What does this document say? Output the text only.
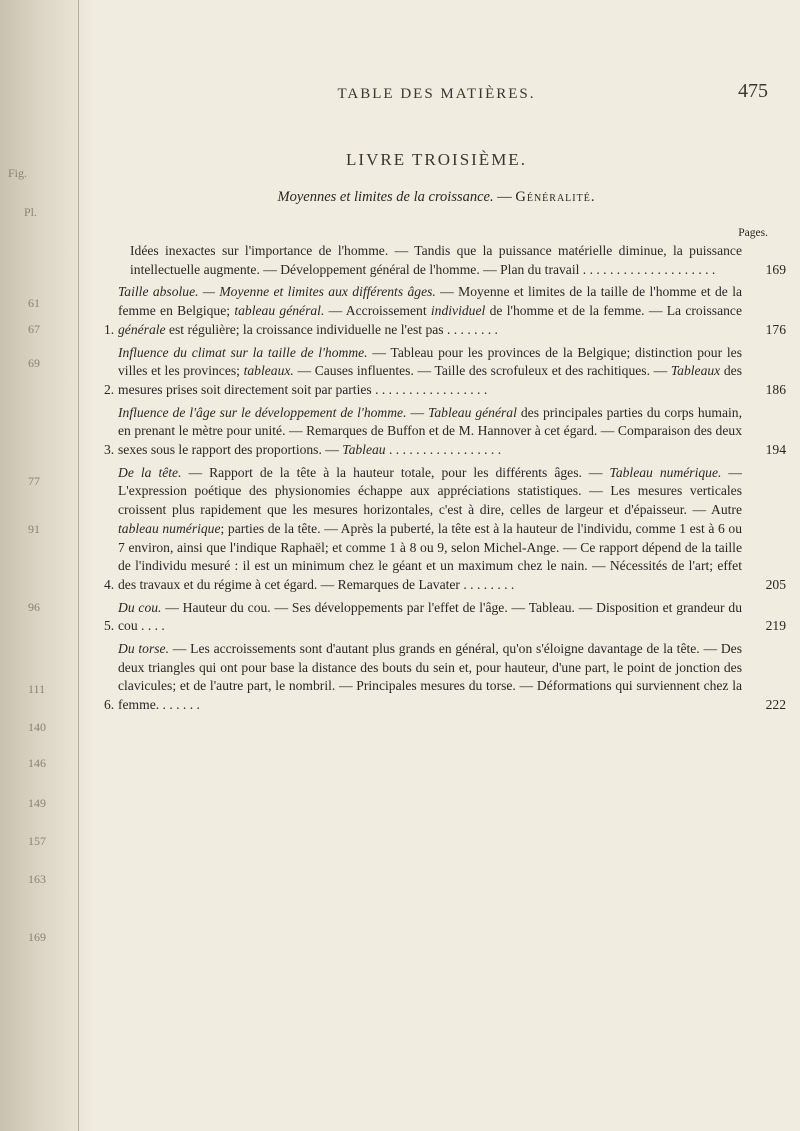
Fig.
Pl.
61
67
69
77
91
96
111
140
146
149
157
163
169
TABLE DES MATIÈRES.	475
LIVRE TROISIÈME.
Moyennes et limites de la croissance. — Généralité.
Pages.
Idées inexactes sur l'importance de l'homme. — Tandis que la puissance matérielle diminue, la puissance intellectuelle augmente. — Développement général de l'homme. — Plan du travail . . . . . . . . . . . . . . . . . . . .	169
1.
Taille absolue. — Moyenne et limites aux différents âges. — Moyenne et limites de la taille de l'homme et de la femme en Belgique; tableau général. — Accroissement individuel de l'homme et de la femme. — La croissance générale est régulière; la croissance individuelle ne l'est pas . . . . . . . .	176
2.
Influence du climat sur la taille de l'homme. — Tableau pour les provinces de la Belgique; distinction pour les villes et les provinces; tableaux. — Causes influentes. — Taille des scrofuleux et des rachitiques. — Tableaux des mesures prises soit directement soit par parties . . . . . . . . . . . . . . . . .	186
3.
Influence de l'âge sur le développement de l'homme. — Tableau général des principales parties du corps humain, en prenant le mètre pour unité. — Remarques de Buffon et de M. Hannover à cet égard. — Comparaison des deux sexes sous le rapport des proportions. — Tableau . . . . . . . . . . . . . . . . .	194
4.
De la tête. — Rapport de la tête à la hauteur totale, pour les différents âges. — Tableau numérique. — L'expression poétique des physionomies échappe aux appréciations statistiques. — Les mesures verticales croissent plus rapidement que les mesures horizontales, c'est à dire, celles de largeur et d'épaisseur. — Autre tableau numérique; parties de la tête. — Après la puberté, la tête est à la hauteur de l'individu, comme 1 est à 6 ou 7 environ, ainsi que l'indique Raphaël; et comme 1 à 8 ou 9, selon Michel-Ange. — Ce rapport dépend de la taille de l'individu mesuré : il est un minimum chez le géant et un maximum chez le nain. — Nécessités de l'art; effet des travaux et du régime à cet égard. — Remarques de Lavater . . . . . . . .	205
5.
Du cou. — Hauteur du cou. — Ses développements par l'effet de l'âge. — Tableau. — Disposition et grandeur du cou . . . .	219
6.
Du torse. — Les accroissements sont d'autant plus grands en général, qu'on s'éloigne davantage de la tête. — Des deux triangles qui ont pour base la distance des bouts du sein et, pour hauteur, d'une part, le point de jonction des clavicules; et de l'autre part, le nombril. — Principales mesures du torse. — Déformations qui surviennent chez la femme. . . . . . .	222
